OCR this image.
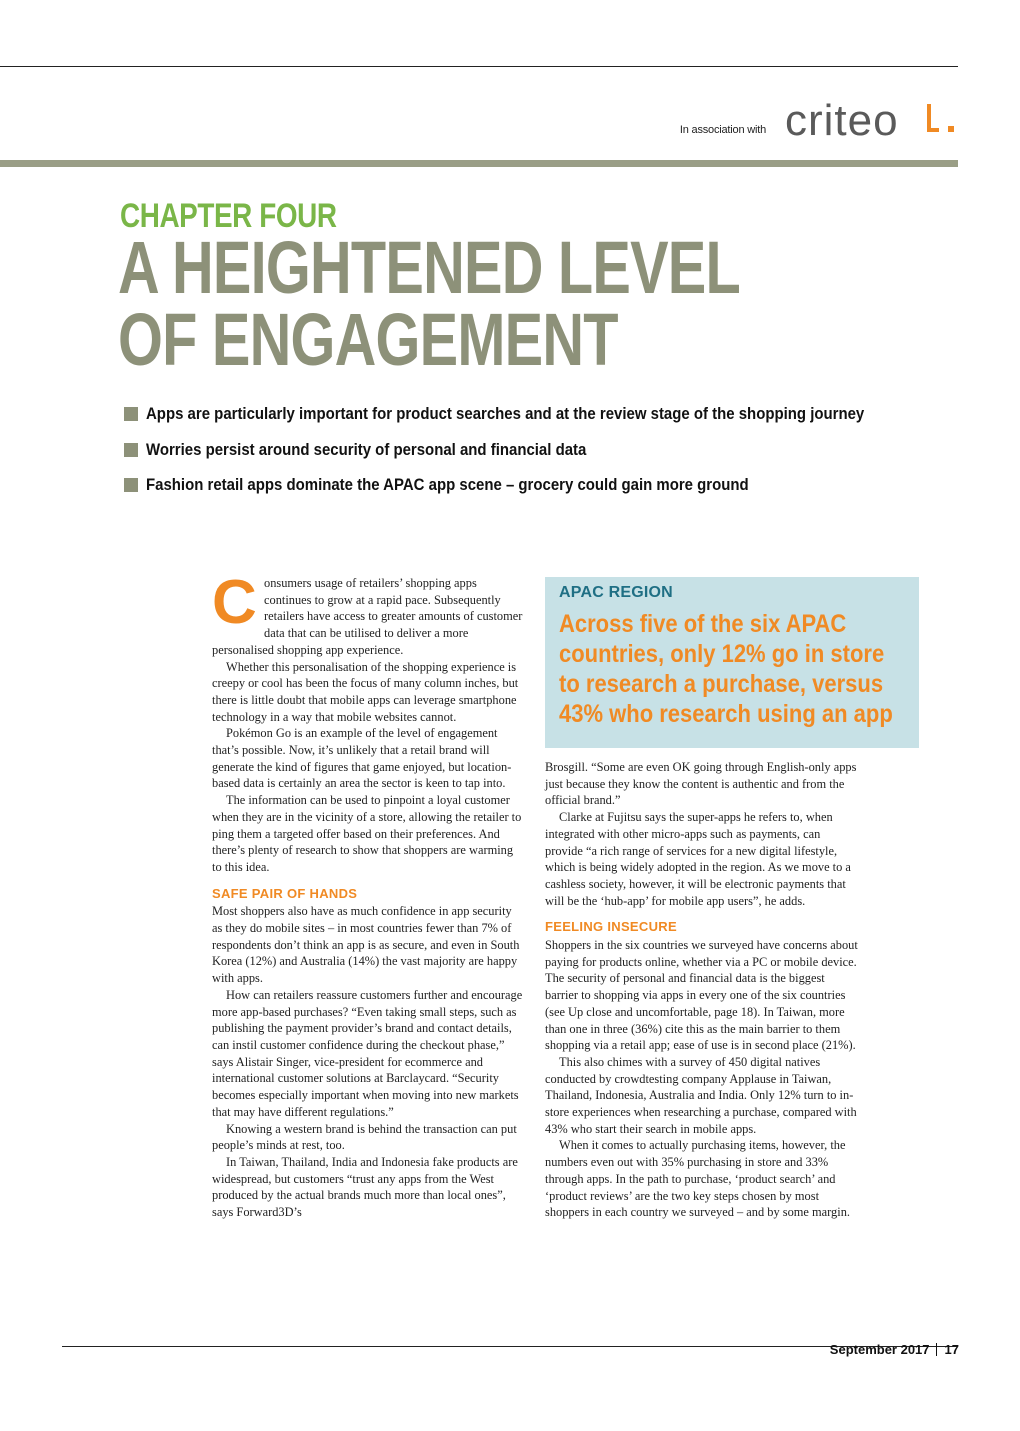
In association with criteo
CHAPTER FOUR
A HEIGHTENED LEVEL
OF ENGAGEMENT
Apps are particularly important for product searches and at the review stage of the shopping journey
Worries persist around security of personal and financial data
Fashion retail apps dominate the APAC app scene – grocery could gain more ground

Consumers usage of retailers’ shopping apps continues to grow at a rapid pace. Subsequently retailers have access to greater amounts of customer data that can be utilised to deliver a more personalised shopping app experience.

Whether this personalisation of the shopping experience is creepy or cool has been the focus of many column inches, but there is little doubt that mobile apps can leverage smartphone technology in a way that mobile websites cannot.

Pokémon Go is an example of the level of engagement that’s possible. Now, it’s unlikely that a retail brand will generate the kind of figures that game enjoyed, but location-based data is certainly an area the sector is keen to tap into.

The information can be used to pinpoint a loyal customer when they are in the vicinity of a store, allowing the retailer to ping them a targeted offer based on their preferences. And there’s plenty of research to show that shoppers are warming to this idea.

SAFE PAIR OF HANDS

Most shoppers also have as much confidence in app security as they do mobile sites – in most countries fewer than 7% of respondents don’t think an app is as secure, and even in South Korea (12%) and Australia (14%) the vast majority are happy with apps.

How can retailers reassure customers further and encourage more app-based purchases? “Even taking small steps, such as publishing the payment provider’s brand and contact details, can instil customer confidence during the checkout phase,” says Alistair Singer, vice-president for ecommerce and international customer solutions at Barclaycard. “Security becomes especially important when moving into new markets that may have different regulations.”

Knowing a western brand is behind the transaction can put people’s minds at rest, too.

In Taiwan, Thailand, India and Indonesia fake products are widespread, but customers “trust any apps from the West produced by the actual brands much more than local ones”, says Forward3D’s

APAC REGION
Across five of the six APAC countries, only 12% go in store to research a purchase, versus 43% who research using an app

Brosgill. “Some are even OK going through English-only apps just because they know the content is authentic and from the official brand.”

Clarke at Fujitsu says the super-apps he refers to, when integrated with other micro-apps such as payments, can provide “a rich range of services for a new digital lifestyle, which is being widely adopted in the region. As we move to a cashless society, however, it will be electronic payments that will be the ‘hub-app’ for mobile app users”, he adds.

FEELING INSECURE

Shoppers in the six countries we surveyed have concerns about paying for products online, whether via a PC or mobile device. The security of personal and financial data is the biggest barrier to shopping via apps in every one of the six countries (see Up close and uncomfortable, page 18). In Taiwan, more than one in three (36%) cite this as the main barrier to them shopping via a retail app; ease of use is in second place (21%).

This also chimes with a survey of 450 digital natives conducted by crowdtesting company Applause in Taiwan, Thailand, Indonesia, Australia and India. Only 12% turn to in-store experiences when researching a purchase, compared with 43% who start their search in mobile apps.

When it comes to actually purchasing items, however, the numbers even out with 35% purchasing in store and 33% through apps. In the path to purchase, ‘product search’ and ‘product reviews’ are the two key steps chosen by most shoppers in each country we surveyed – and by some margin.

September 2017 17
